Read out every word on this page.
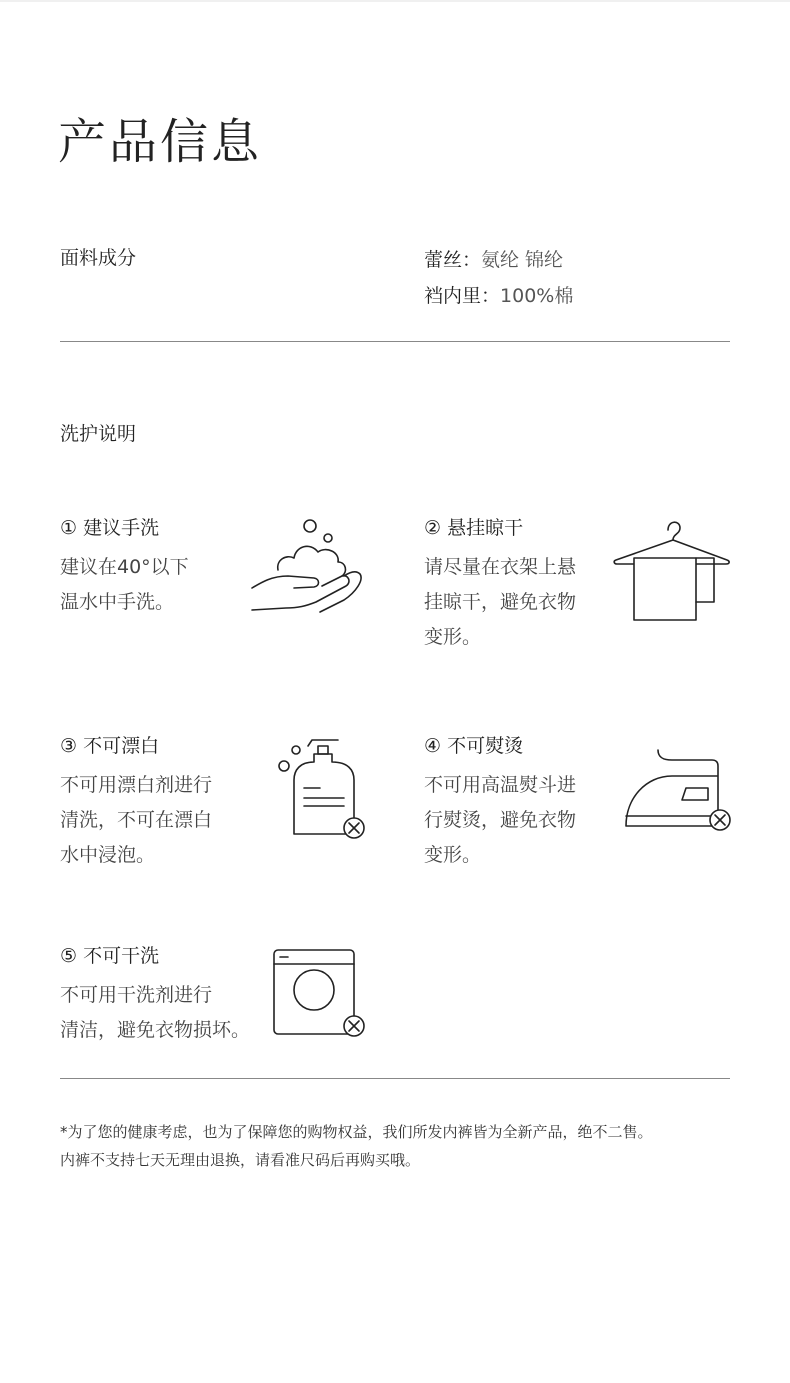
产品信息
面料成分	蕾丝：氨纶 锦纶
裆内里：100%棉
洗护说明
① 建议手洗
建议在40°以下
温水中手洗。
② 悬挂晾干
请尽量在衣架上悬
挂晾干，避免衣物
变形。
③ 不可漂白
不可用漂白剂进行
清洗，不可在漂白
水中浸泡。
④ 不可熨烫
不可用高温熨斗进
行熨烫，避免衣物
变形。
⑤ 不可干洗
不可用干洗剂进行
清洁，避免衣物损坏。
*为了您的健康考虑，也为了保障您的购物权益，我们所发内裤皆为全新产品，绝不二售。
内裤不支持七天无理由退换，请看准尺码后再购买哦。
